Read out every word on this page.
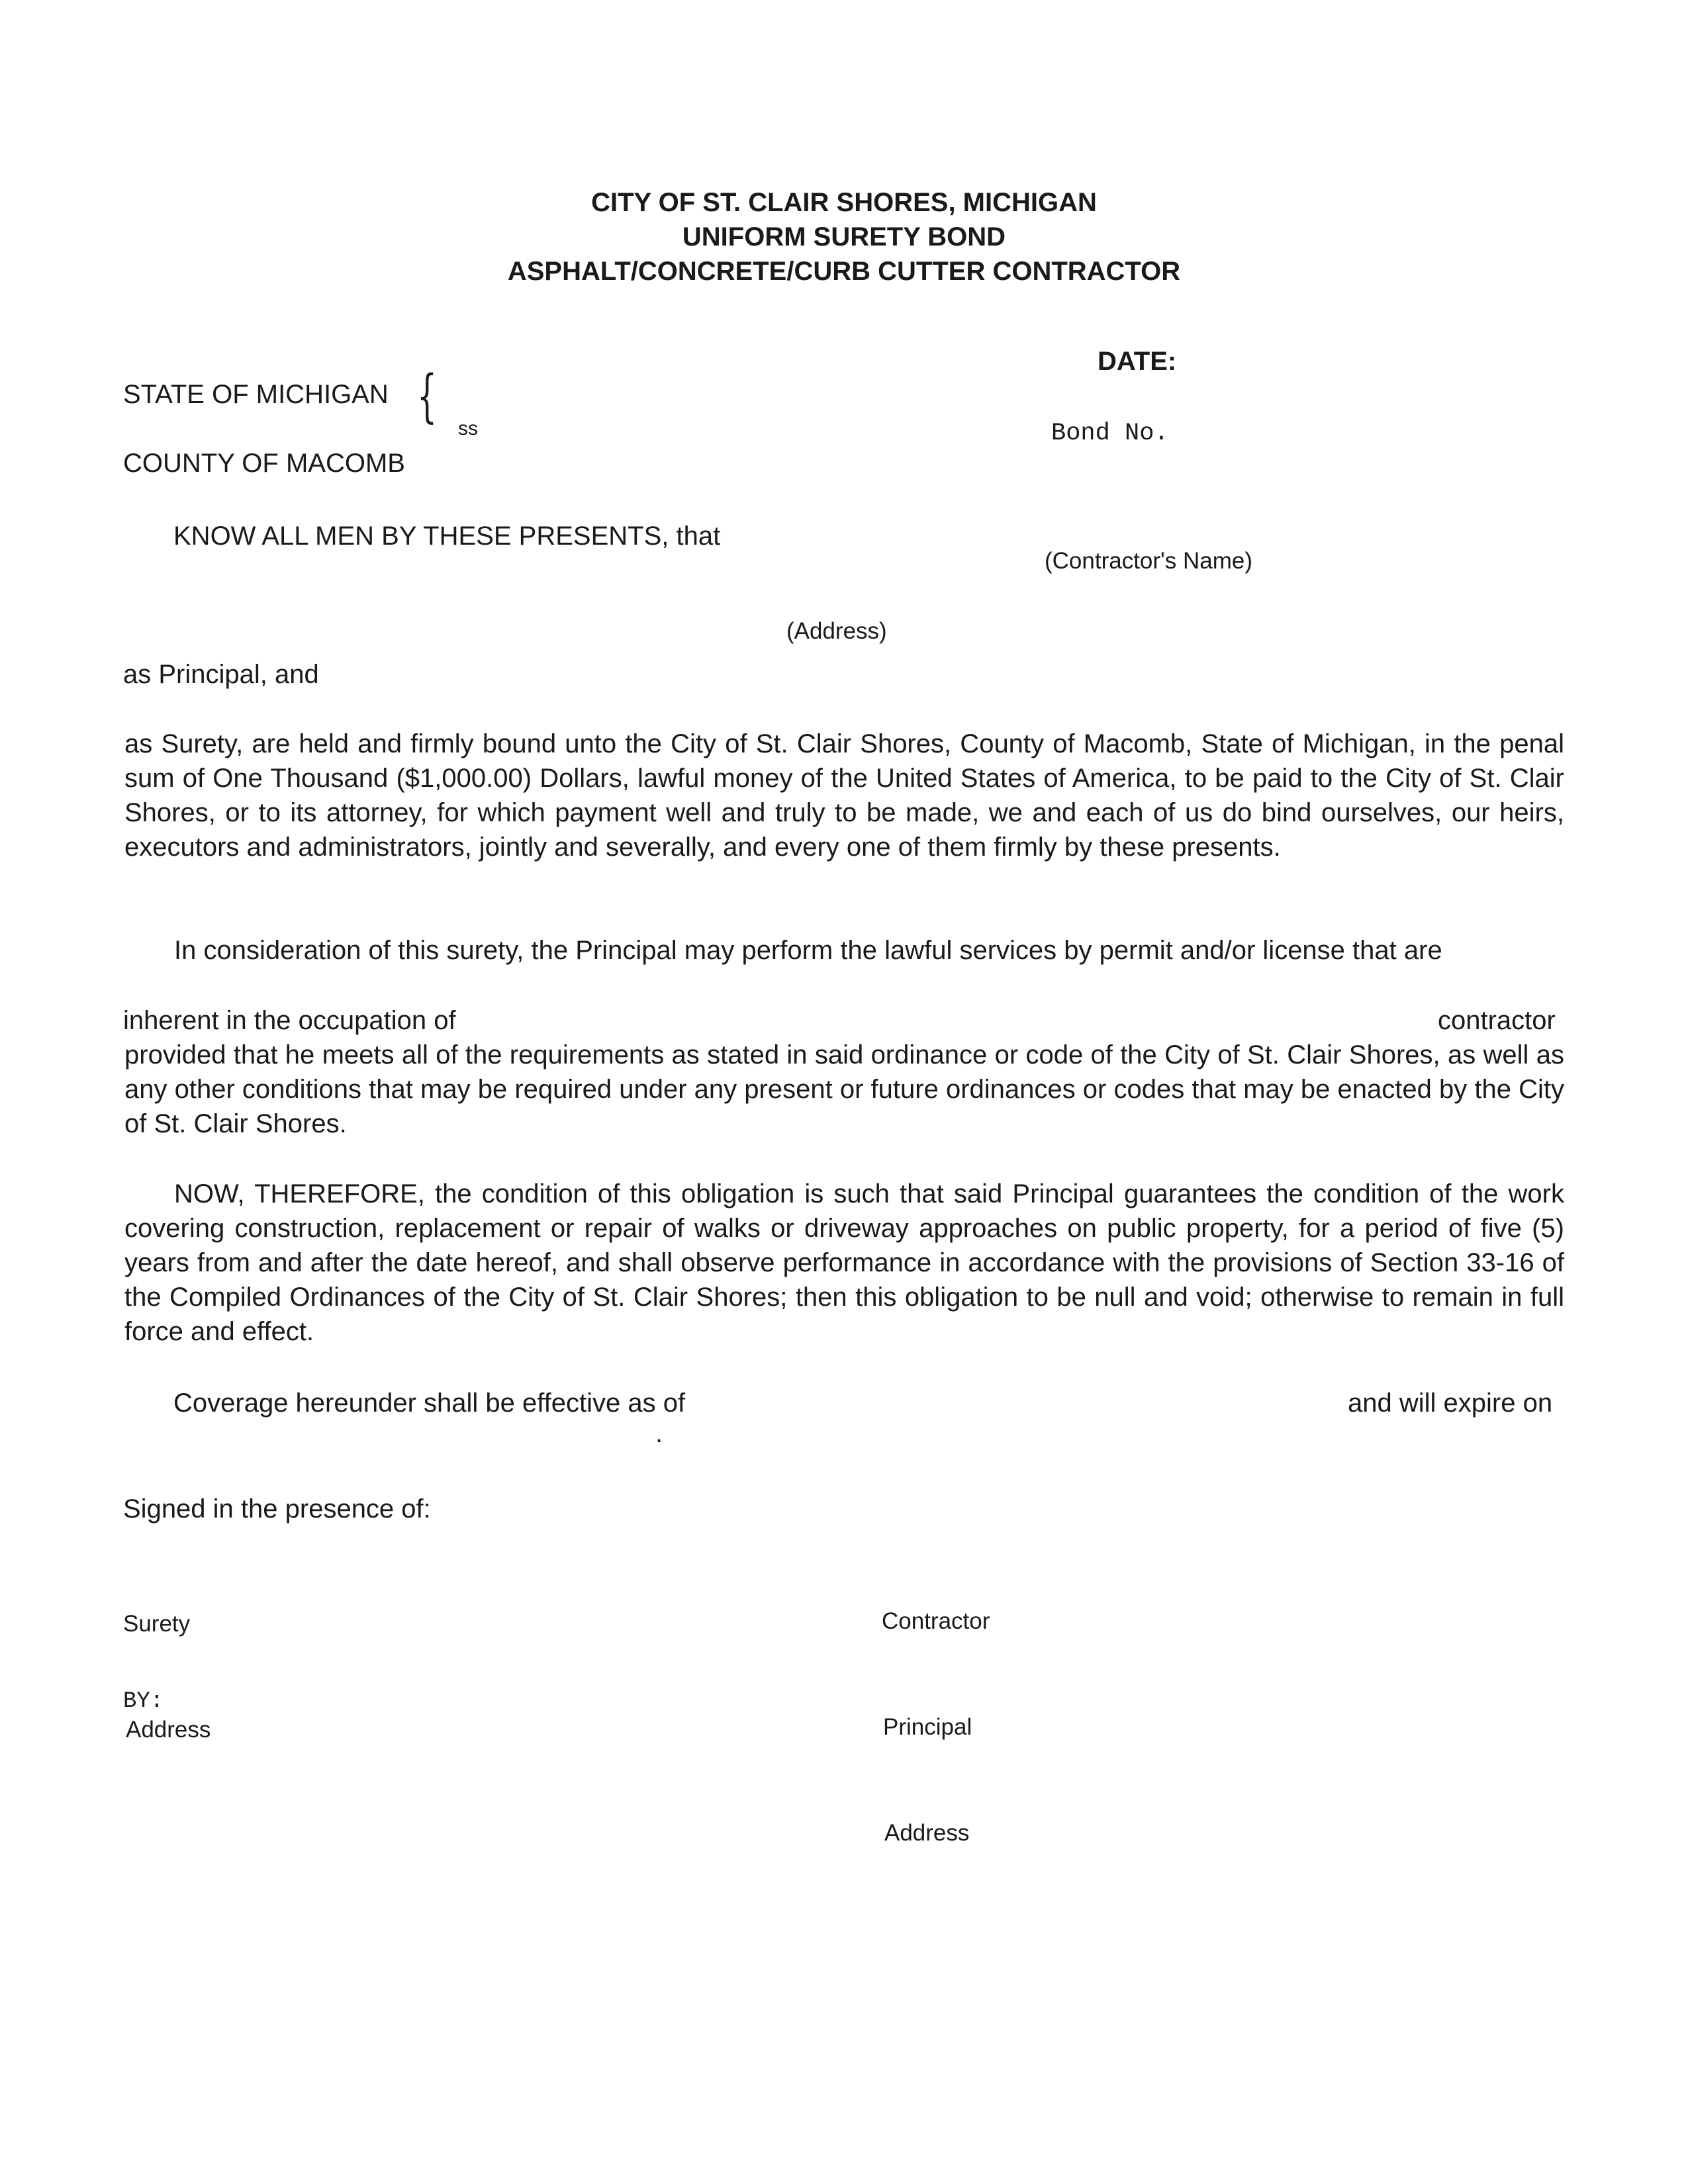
CITY OF ST. CLAIR SHORES, MICHIGAN
UNIFORM SURETY BOND
ASPHALT/CONCRETE/CURB CUTTER CONTRACTOR
STATE OF MICHIGAN
COUNTY OF MACOMB
{ ss
DATE:
Bond No.
KNOW ALL MEN BY THESE PRESENTS, that
(Contractor's Name)
(Address)
as Principal, and
as Surety, are held and firmly bound unto the City of St. Clair Shores, County of Macomb, State of Michigan, in the penal sum of One Thousand ($1,000.00) Dollars, lawful money of the United States of America, to be paid to the City of St. Clair Shores, or to its attorney, for which payment well and truly to be made, we and each of us do bind ourselves, our heirs, executors and administrators, jointly and severally, and every one of them firmly by these presents.
In consideration of this surety, the Principal may perform the lawful services by permit and/or license that are
inherent in the occupation of	contractor
provided that he meets all of the requirements as stated in said ordinance or code of the City of St. Clair Shores, as well as any other conditions that may be required under any present or future ordinances or codes that may be enacted by the City of St. Clair Shores.
NOW, THEREFORE, the condition of this obligation is such that said Principal guarantees the condition of the work covering construction, replacement or repair of walks or driveway approaches on public property, for a period of five (5) years from and after the date hereof, and shall observe performance in accordance with the provisions of Section 33-16 of the Compiled Ordinances of the City of St. Clair Shores; then this obligation to be null and void; otherwise to remain in full force and effect.
Coverage hereunder shall be effective as of	and will expire on
.
Signed in the presence of:
Surety	Contractor
BY:
Address	Principal
Address
